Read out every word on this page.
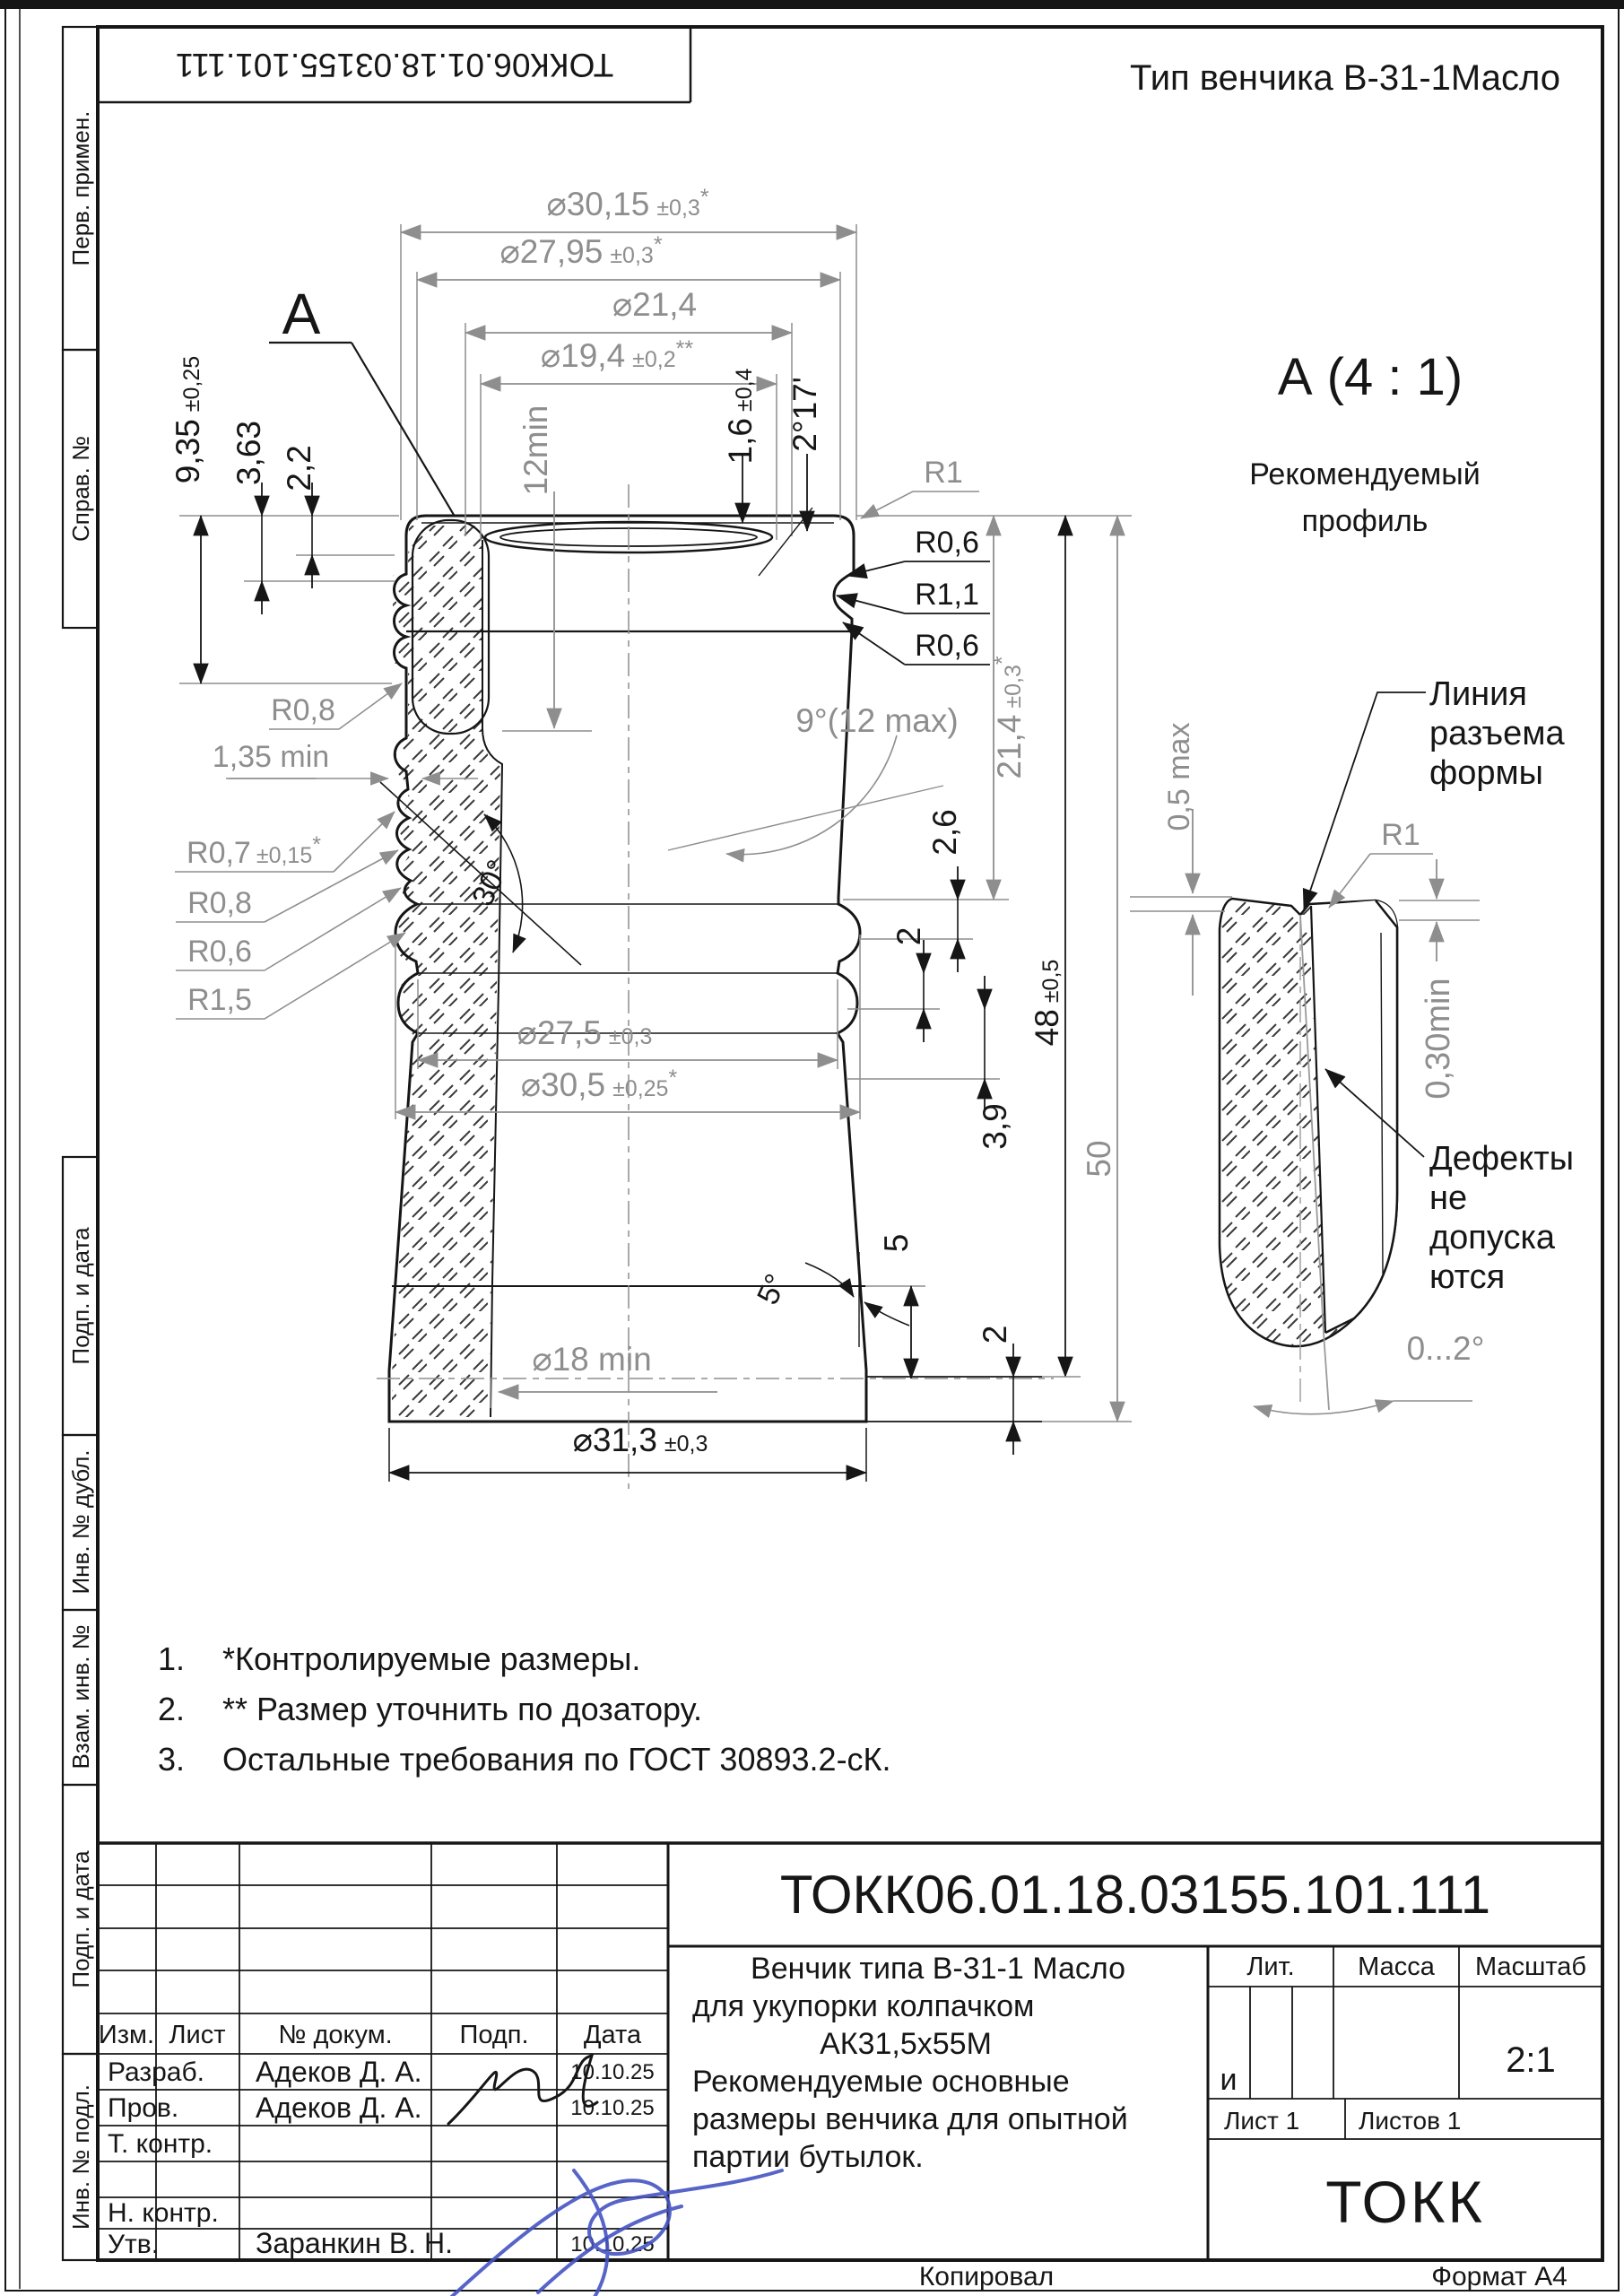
Перв. примен.
Справ. №
Подп. и дата
Инв. № дубл.
Взам. инв. №
Подп. и дата
Инв. № подл.
ТОКК06.01.18.03155.101.111	Тип венчика В-31-1Масло
⌀30,15 ±0,3*
⌀27,95 ±0,3*
⌀21,4
⌀19,4 ±0,2**
А
9,35±0,25
3,63 2,2	12min	1,6±0,4 2°17'
R1
R0,6
R1,1
R0,6
21,4±0,3*
2,6
2
3,9
48±0,5
50
2
5
5°
9°(12 max)
30°
R0,8
1,35 min
R0,7 ±0,15*
R0,8
R0,6
R1,5
⌀27,5 ±0,3
⌀30,5 ±0,25*
⌀18 min
⌀31,3 ±0,3
А (4 : 1)
Рекомендуемый
профиль
Линия
разъема
формы
R1
0,5 max
0,30min
Дефекты
не
допуска
ются
0...2°
1. *Контролируемые размеры.
2. ** Размер уточнить по дозатору.
3. Остальные требования по ГОСТ 30893.2-сК.
Изм. Лист № докум.	Подп. Дата
Разраб. Адеков Д. А.	10.10.25
Пров.	Адеков Д. А.	10.10.25
Т. контр.
Н. контр.
Утв.	Заранкин В. Н.	10.10.25
ТОКК06.01.18.03155.101.111
Венчик типа В-31-1 Масло
для укупорки колпачком
АК31,5х55М
Рекомендуемые основные
размеры венчика для опытной
партии бутылок.
Лит. Масса Масштаб
и	2:1
Лист 1 Листов 1
ТОКК
Копировал	Формат А4
